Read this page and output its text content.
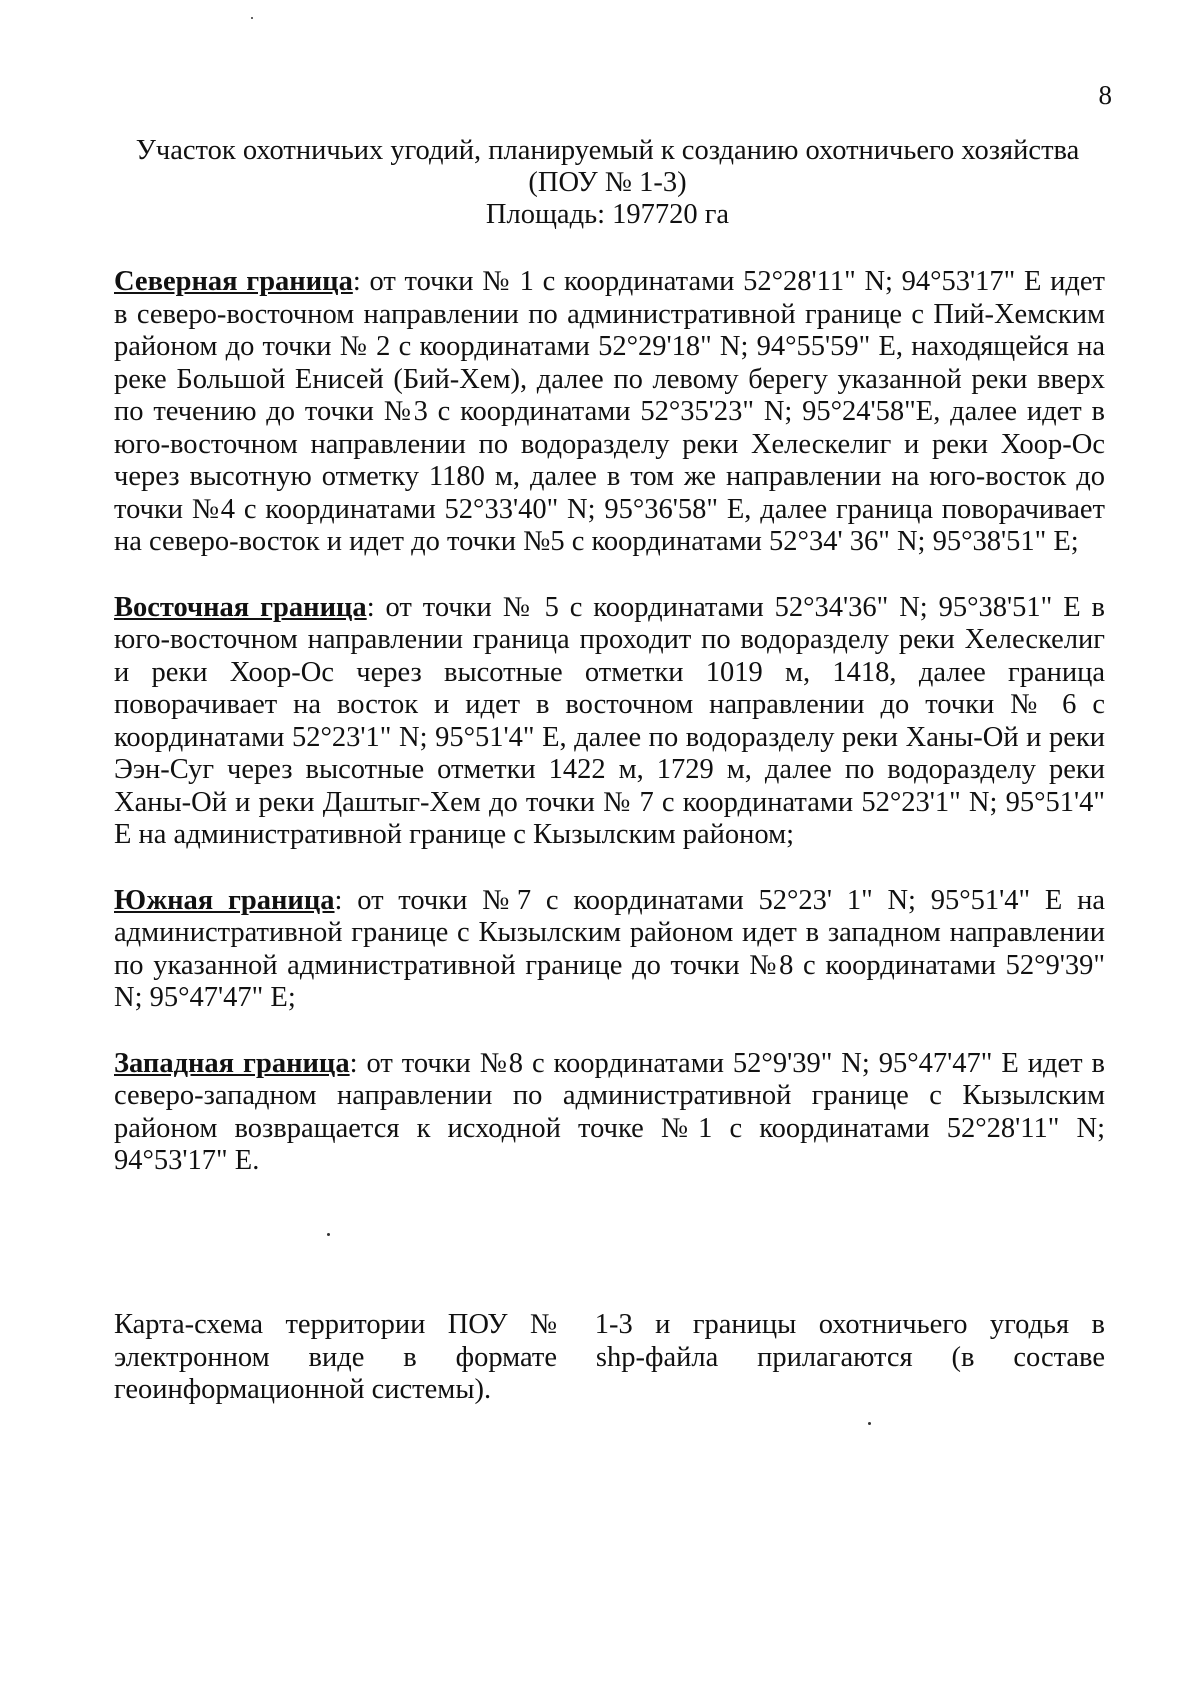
8
Участок охотничьих угодий, планируемый к созданию охотничьего хозяйства
(ПОУ № 1-3)
Площадь: 197720 га

Северная граница: от точки № 1 с координатами 52°28'11" N; 94°53'17" E идет в северо-восточном направлении по административной границе с Пий-Хемским районом до точки № 2 с координатами 52°29'18" N; 94°55'59" E, находящейся на реке Большой Енисей (Бий-Хем), далее по левому берегу указанной реки вверх по течению до точки №3 с координатами 52°35'23" N; 95°24'58"E, далее идет в юго-восточном направлении по водоразделу реки Хелескелиг и реки Хоор-Ос через высотную отметку 1180 м, далее в том же направлении на юго-восток до точки №4 с координатами 52°33'40" N; 95°36'58" E, далее граница поворачивает на северо-восток и идет до точки №5 с координатами 52°34' 36" N; 95°38'51" E;

Восточная граница: от точки № 5 с координатами 52°34'36" N; 95°38'51" E в юго-восточном направлении граница проходит по водоразделу реки Хелескелиг и реки Хоор-Ос через высотные отметки 1019 м, 1418, далее граница поворачивает на восток и идет в восточном направлении до точки № 6 с координатами 52°23'1" N; 95°51'4" E, далее по водоразделу реки Ханы-Ой и реки Ээн-Суг через высотные отметки 1422 м, 1729 м, далее по водоразделу реки Ханы-Ой и реки Даштыг-Хем до точки № 7 с координатами 52°23'1" N; 95°51'4" E на административной границе с Кызылским районом;

Южная граница: от точки №7 с координатами 52°23' 1" N; 95°51'4" E на административной границе с Кызылским районом идет в западном направлении по указанной административной границе до точки №8 с координатами 52°9'39" N; 95°47'47" E;

Западная граница: от точки №8 с координатами 52°9'39" N; 95°47'47" E идет в северо-западном направлении по административной границе с Кызылским районом возвращается к исходной точке №1 с координатами 52°28'11" N; 94°53'17" E.

Карта-схема территории ПОУ № 1-3 и границы охотничьего угодья в электронном виде в формате shp-файла прилагаются (в составе геоинформационной системы).
